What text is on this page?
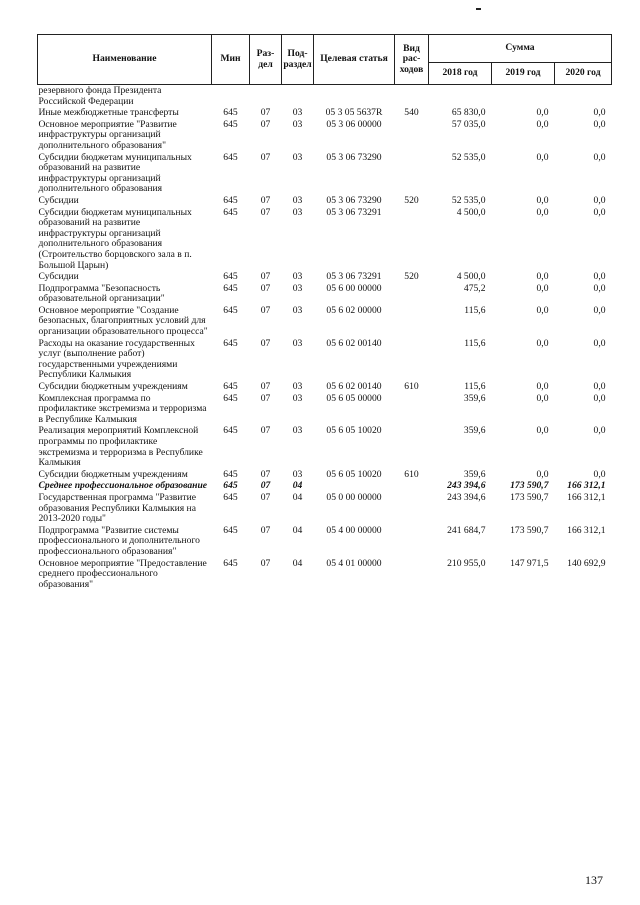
Наименование	Мин	Раз-дел	Под-раздел	Целевая статья	Вид рас-ходов	Сумма		
						2018 год	2019 год	2020 год
резервного фонда Президента Российской Федерации								
Иные межбюджетные трансферты	645	07	03	05 3 05 5637R	540	65 830,0	0,0	0,0
Основное мероприятие "Развитие инфраструктуры организаций дополнительного образования"	645	07	03	05 3 06 00000		57 035,0	0,0	0,0
Субсидии бюджетам муниципальных образований на развитие инфраструктуры организаций дополнительного образования	645	07	03	05 3 06 73290		52 535,0	0,0	0,0
Субсидии	645	07	03	05 3 06 73290	520	52 535,0	0,0	0,0
Субсидии бюджетам муниципальных образований на развитие инфраструктуры организаций дополнительного образования (Строительство борцовского зала в п. Большой Царын)	645	07	03	05 3 06 73291		4 500,0	0,0	0,0
Субсидии	645	07	03	05 3 06 73291	520	4 500,0	0,0	0,0
Подпрограмма "Безопасность образовательной организации"	645	07	03	05 6 00 00000		475,2	0,0	0,0
Основное мероприятие "Создание безопасных, благоприятных условий для организации образовательного процесса"	645	07	03	05 6 02 00000		115,6	0,0	0,0
Расходы на оказание государственных услуг (выполнение работ) государственными учреждениями Республики Калмыкия	645	07	03	05 6 02 00140		115,6	0,0	0,0
Субсидии бюджетным учреждениям	645	07	03	05 6 02 00140	610	115,6	0,0	0,0
Комплексная программа по профилактике экстремизма и терроризма в Республике Калмыкия	645	07	03	05 6 05 00000		359,6	0,0	0,0
Реализация мероприятий Комплексной программы по профилактике экстремизма и терроризма в Республике Калмыкия	645	07	03	05 6 05 10020		359,6	0,0	0,0
Субсидии бюджетным учреждениям	645	07	03	05 6 05 10020	610	359,6	0,0	0,0
Среднее профессиональное образование	645	07	04			243 394,6	173 590,7	166 312,1
Государственная программа "Развитие образования Республики Калмыкия на 2013-2020 годы"	645	07	04	05 0 00 00000		243 394,6	173 590,7	166 312,1
Подпрограмма "Развитие системы профессионального и дополнительного профессионального образования"	645	07	04	05 4 00 00000		241 684,7	173 590,7	166 312,1
Основное мероприятие "Предоставление среднего профессионального образования"	645	07	04	05 4 01 00000		210 955,0	147 971,5	140 692,9
137
